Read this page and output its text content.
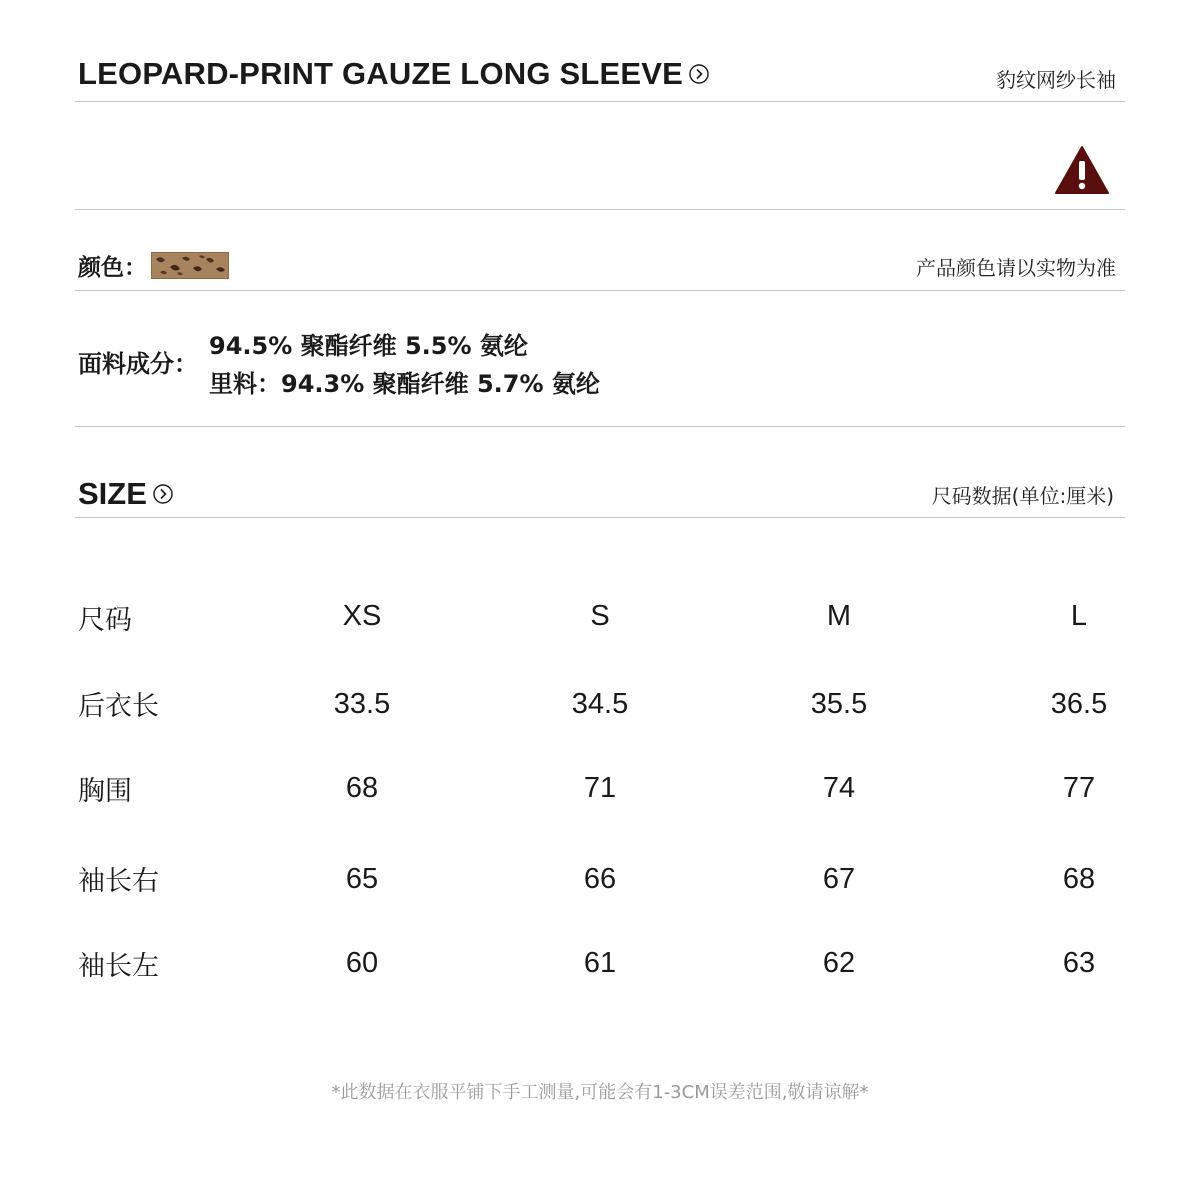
LEOPARD-PRINT GAUZE LONG SLEEVE	豹纹网纱长袖
颜色：	产品颜色请以实物为准
面料成分：
94.5% 聚酯纤维 5.5% 氨纶
里料：94.3% 聚酯纤维 5.7% 氨纶
SIZE	尺码数据(单位:厘米)
尺码	XS	S	M	L
后衣长	33.5	34.5	35.5	36.5
胸围	68	71	74	77
袖长右	65	66	67	68
袖长左	60	61	62	63
*此数据在衣服平铺下手工测量,可能会有1-3CM误差范围,敬请谅解*
